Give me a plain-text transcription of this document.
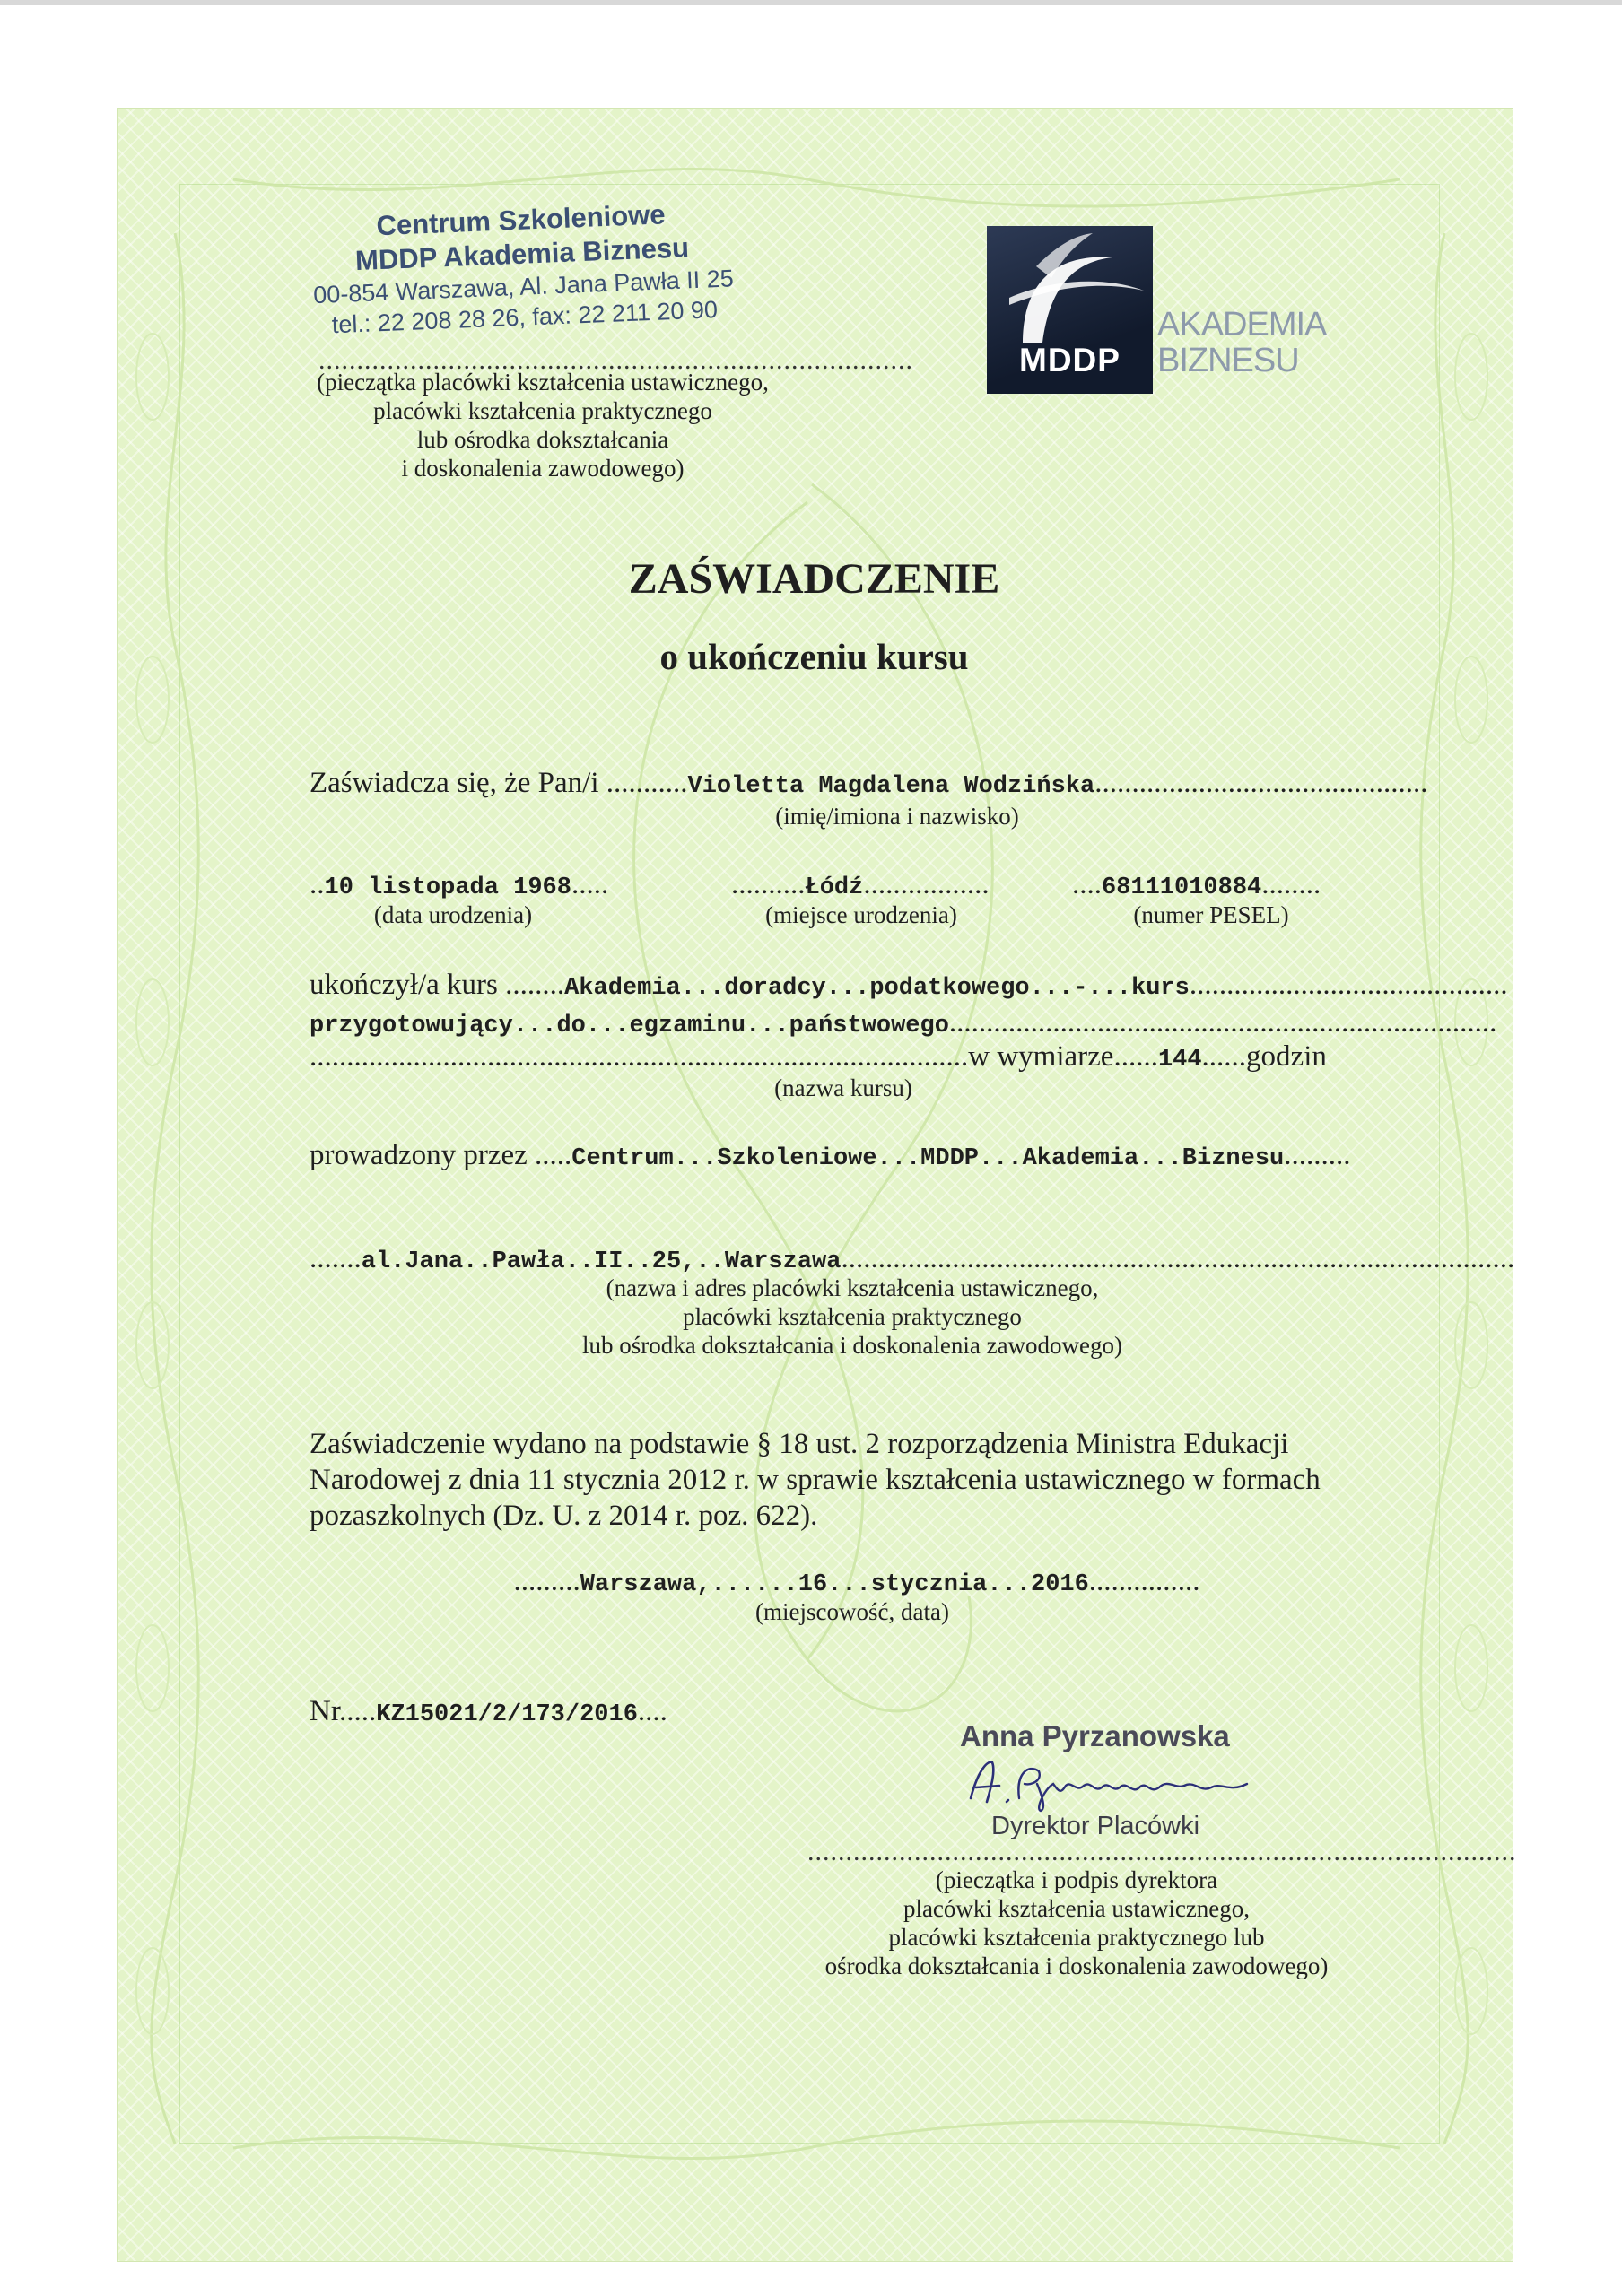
Centrum Szkoleniowe
MDDP Akademia Biznesu
00-854 Warszawa, Al. Jana Pawła II 25
tel.: 22 208 28 26, fax: 22 211 20 90
..............................................................................
(pieczątka placówki kształcenia ustawicznego,
placówki kształcenia praktycznego
lub ośrodka dokształcania
i doskonalenia zawodowego)
MDDP
AKADEMIA
BIZNESU
ZAŚWIADCZENIE
o ukończeniu kursu
Zaświadcza się, że Pan/i ...........Violetta Magdalena Wodzińska.............................................
(imię/imiona i nazwisko)
..10 listopada 1968.....
(data urodzenia)
..........Łódź.................
(miejsce urodzenia)
....68111010884........
(numer PESEL)
ukończył/a kurs ........Akademia...doradcy...podatkowego...-...kurs...........................................
przygotowujący...do...egzaminu...państwowego..........................................................................
.........................................................................................w wymiarze......144......godzin
(nazwa kursu)
prowadzony przez .....Centrum...Szkoleniowe...MDDP...Akademia...Biznesu.........
.......al.Jana..Pawła..II..25,..Warszawa...........................................................................................
(nazwa i adres placówki kształcenia ustawicznego,
placówki kształcenia praktycznego
lub ośrodka dokształcania i doskonalenia zawodowego)
Zaświadczenie wydano na podstawie § 18 ust. 2 rozporządzenia Ministra Edukacji
Narodowej z dnia 11 stycznia 2012 r. w sprawie kształcenia ustawicznego w formach
pozaszkolnych (Dz. U. z 2014 r. poz. 622).
.........Warszawa,......16...stycznia...2016...............
(miejscowość, data)
Nr.....KZ15021/2/173/2016....
Anna Pyrzanowska
Dyrektor Placówki
.............................................................................................
(pieczątka i podpis dyrektora
placówki kształcenia ustawicznego,
placówki kształcenia praktycznego lub
ośrodka dokształcania i doskonalenia zawodowego)
